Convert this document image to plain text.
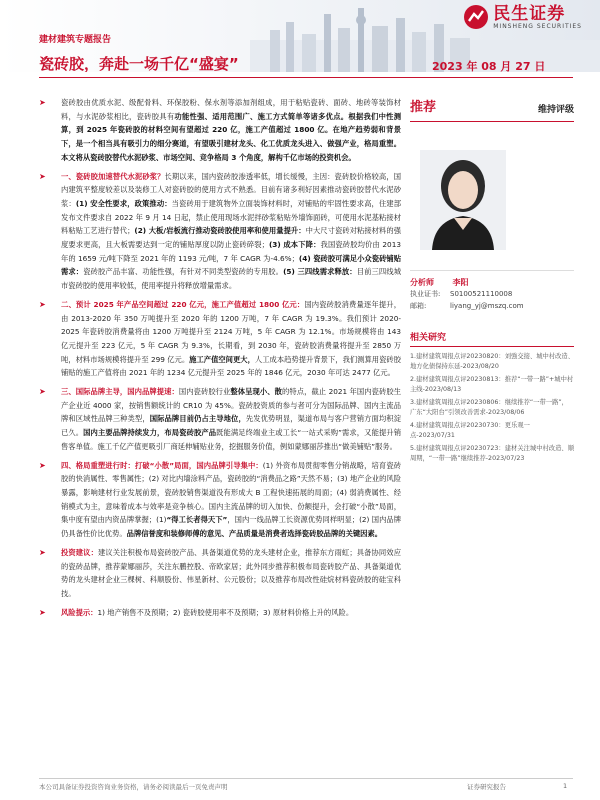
民生证券
MINSHENG SECURITIES
建材建筑专题报告
瓷砖胶，奔赴一场千亿“盛宴”	2023 年 08 月 27 日
➤ 瓷砖胶由优质水泥、级配骨料、环保胶粉、保水剂等添加剂组成，用于粘贴瓷砖、面砖、地砖等装饰材料，与水泥砂浆相比，瓷砖胶具有功能性强、适用范围广、施工方式简单等诸多优点。根据我们中性测算，到 2025 年瓷砖胶的材料空间有望超过 220 亿，施工产值超过 1800 亿。在地产趋势弱和背景下，是一个相当具有吸引力的细分赛道，有望吸引建材龙头、化工优质龙头进入、做强产业，格局重塑。本文将从瓷砖胶替代水泥砂浆、市场空间、竞争格局 3 个角度，解构千亿市场的投资机会。
➤ 一、瓷砖胶加速替代水泥砂浆？长期以来，国内瓷砖胶渗透率低，增长缓慢，主因：瓷砖胶价格较高，国内建筑平整度较差以及装修工人对瓷砖胶的使用方式不熟悉。目前有诸多利好因素推动瓷砖胶替代水泥砂浆：(1) 安全性要求，政策推动：当瓷砖用于建筑物外立面装饰材料时，对铺贴的牢固性要求高，住建部发布文件要求自 2022 年 9 月 14 日起，禁止使用现场水泥拌砂浆粘贴外墙饰面砖，可使用水泥基粘接材料粘贴工艺进行替代；(2) 大板/岩板流行推动瓷砖胶使用率和使用量提升：中大尺寸瓷砖对粘接材料的强度要求更高，且大板需要达到一定的铺贴厚度以防止瓷砖碎裂；(3) 成本下降：我国瓷砖胶均价由 2013 年的 1659 元/吨下降至 2021 年的 1193 元/吨，7 年 CAGR 为-4.6%；(4) 瓷砖胶可满足小众瓷砖铺贴需求：瓷砖胶产品丰富、功能性强，有针对不同类型瓷砖的专用胶。(5) 三四线需求释放：目前三四线城市瓷砖胶的使用率较低，使用率提升将释放增量需求。
➤ 二、预计 2025 年产品空间超过 220 亿元，施工产值超过 1800 亿元：国内瓷砖胶消费量逐年提升，由 2013-2020 年 350 万吨提升至 2020 年的 1200 万吨，7 年 CAGR 为 19.3%。我们预计 2020-2025 年瓷砖胶消费量将由 1200 万吨提升至 2124 万吨，5 年 CAGR 为 12.1%。市场规模将由 143 亿元提升至 223 亿元，5 年 CAGR 为 9.3%，长期看，到 2030 年，瓷砖胶消费量将提升至 2850 万吨，材料市场规模将提升至 299 亿元。施工产值空间更大，人工成本趋势提升背景下，我们测算用瓷砖胶铺贴的施工产值将由 2021 年的 1234 亿元提升至 2025 年的 1846 亿元，2030 年可达 2477 亿元。
➤ 三、国际品牌主导，国内品牌提速：国内瓷砖胶行业整体呈现小、散的特点，截止 2021 年国内瓷砖胶生产企业近 4000 家，按销售额统计的 CR10 为 45%。瓷砖胶资质的参与者可分为国际品牌、国内主流品牌和区域性品牌三种类型，国际品牌目前仍占主导地位，先发优势明显，渠道布局与客户营销方面均积淀已久。国内主要品牌持续发力，布局瓷砖胶产品既能满足终端业主或工长“一站式采购”需求，又能提升销售客单值。施工千亿产值更吸引厂商延伸辅贴业务，挖掘服务价值，例如蒙娜丽莎推出“做美铺贴”服务。
➤ 四、格局重塑进行时：打破“小散”局面，国内品牌引导集中：(1) 外资布局贯彻零售分销战略，培育瓷砖胶的快消属性、零售属性；(2) 对比内墙涂料产品，瓷砖胶的“消费品之路”天然不易；(3) 地产企业的风险暴露，影响建材行业发展前景，瓷砖胶销售渠道没有形成大 B 工程快速拓展的局面；(4) 弱消费属性、经销模式为主，意味着成本与效率是竞争核心。国内主流品牌的切入加快、份额提升，会打破“小散”局面，集中度有望由内资品牌掌握；(1)“得工长者得天下”，国内一线品牌工长资源优势同样明显；(2) 国内品牌仍具备性价比优势。品牌信誉度和装修师傅的意见、产品质量是消费者选择瓷砖胶品牌的关键因素。
➤ 投资建议：建议关注积极布局瓷砖胶产品、具备渠道优势的龙头建材企业，推荐东方雨虹；具备协同效应的瓷砖品牌，推荐蒙娜丽莎，关注东鹏控股、帝欧家居；此外同步推荐积极布局瓷砖胶产品、具备渠道优势的龙头建材企业三棵树、科顺股份、伟星新材、公元股份；以及推荐布局改性硅烷材料瓷砖胶的硅宝科技。
➤ 风险提示：1) 地产销售不及预期；2) 瓷砖胶使用率不及预期；3) 原材料价格上升的风险。
推荐	维持评级
分析师 李阳
执业证书: S0100521110008
邮箱:	liyang_yj@mszq.com
相关研究
1.建材建筑周报点评20230820：刘強交接、城中村改造、地方化债保持东延-2023/08/20
2.建材建筑周报点评20230813：推荐“一带一路”+城中村主线-2023/08/13
3.建材建筑周报点评20230806：继续推荐“一带一路”，广东“大阳台”引领改善需求-2023/08/06
4.建材建筑周报点评20230730：更乐观一点-2023/07/31
5.建材建筑周报点评20230723：建材关注城中村改造、顺周期，“一带一路”继续推荐-2023/07/23
本公司具备证券投资咨询业务资格，请务必阅读最后一页免责声明	证券研究报告	1
